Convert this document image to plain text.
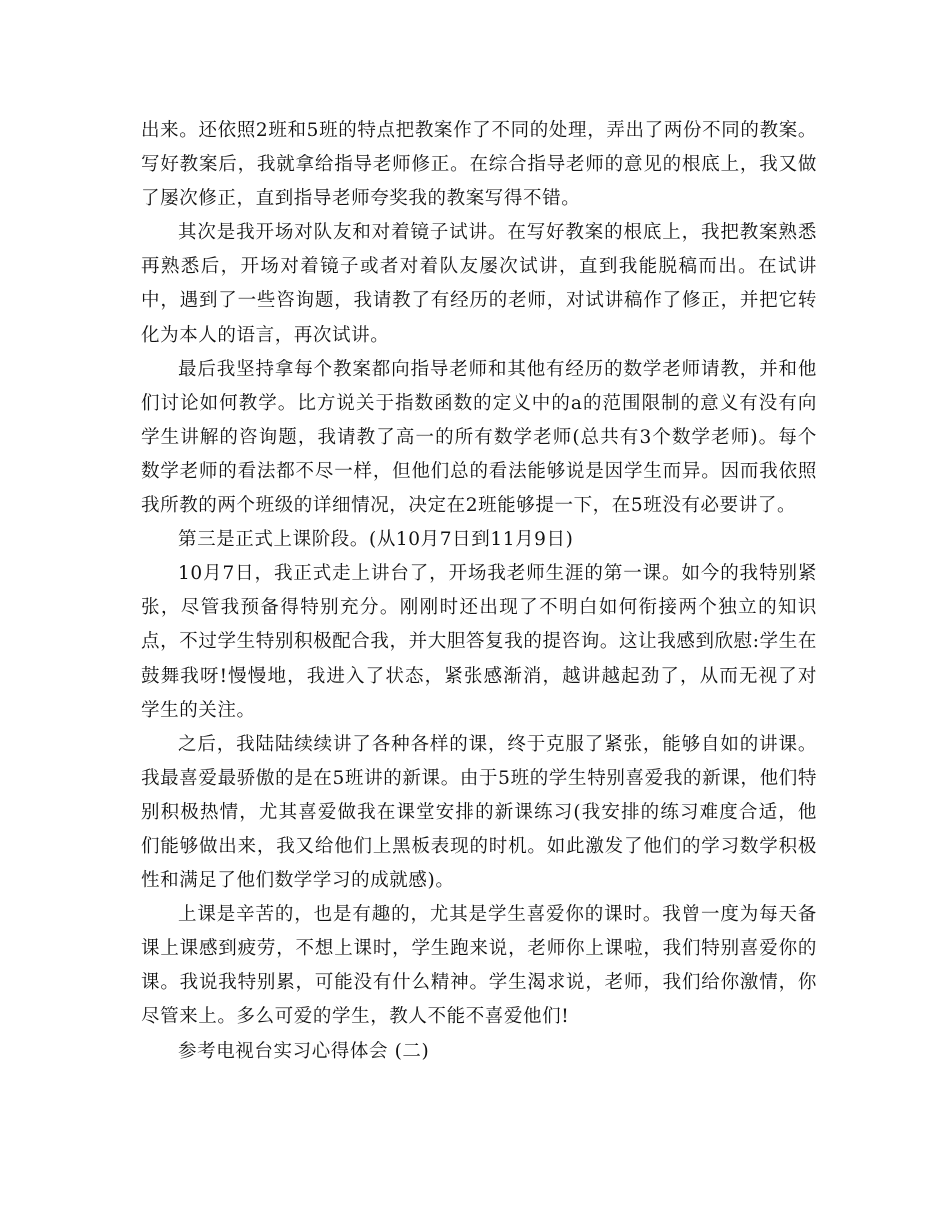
出来。还依照2班和5班的特点把教案作了不同的处理，弄出了两份不同的教案。写好教案后，我就拿给指导老师修正。在综合指导老师的意见的根底上，我又做了屡次修正，直到指导老师夸奖我的教案写得不错。

其次是我开场对队友和对着镜子试讲。在写好教案的根底上，我把教案熟悉再熟悉后，开场对着镜子或者对着队友屡次试讲，直到我能脱稿而出。在试讲中，遇到了一些咨询题，我请教了有经历的老师，对试讲稿作了修正，并把它转化为本人的语言，再次试讲。

最后我坚持拿每个教案都向指导老师和其他有经历的数学老师请教，并和他们讨论如何教学。比方说关于指数函数的定义中的a的范围限制的意义有没有向学生讲解的咨询题，我请教了高一的所有数学老师(总共有3个数学老师)。每个数学老师的看法都不尽一样，但他们总的看法能够说是因学生而异。因而我依照我所教的两个班级的详细情况，决定在2班能够提一下，在5班没有必要讲了。

第三是正式上课阶段。(从10月7日到11月9日)

10月7日，我正式走上讲台了，开场我老师生涯的第一课。如今的我特别紧张，尽管我预备得特别充分。刚刚时还出现了不明白如何衔接两个独立的知识点，不过学生特别积极配合我，并大胆答复我的提咨询。这让我感到欣慰:学生在鼓舞我呀!慢慢地，我进入了状态，紧张感渐消，越讲越起劲了，从而无视了对学生的关注。

之后，我陆陆续续讲了各种各样的课，终于克服了紧张，能够自如的讲课。我最喜爱最骄傲的是在5班讲的新课。由于5班的学生特别喜爱我的新课，他们特别积极热情，尤其喜爱做我在课堂安排的新课练习(我安排的练习难度合适，他们能够做出来，我又给他们上黑板表现的时机。如此激发了他们的学习数学积极性和满足了他们数学学习的成就感)。

上课是辛苦的，也是有趣的，尤其是学生喜爱你的课时。我曾一度为每天备课上课感到疲劳，不想上课时，学生跑来说，老师你上课啦，我们特别喜爱你的课。我说我特别累，可能没有什么精神。学生渴求说，老师，我们给你激情，你尽管来上。多么可爱的学生，教人不能不喜爱他们!

参考电视台实习心得体会 (二)
